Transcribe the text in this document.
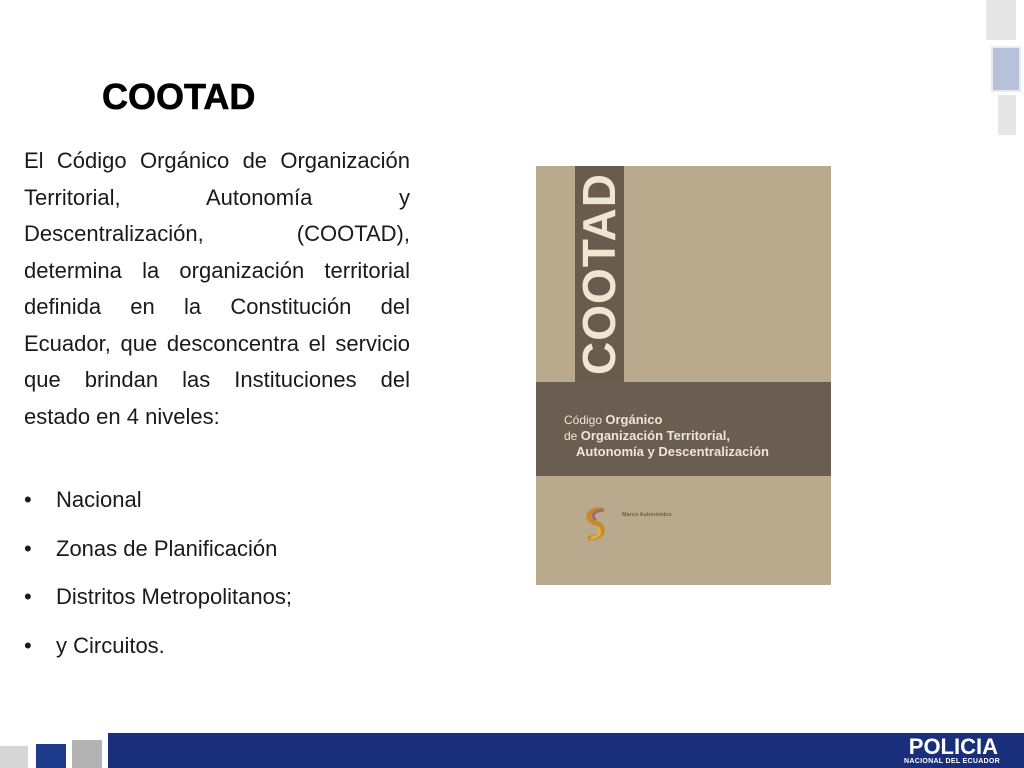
COOTAD

El Código Orgánico de Organización Territorial, Autonomía y Descentralización, (COOTAD), determina la organización territorial definida en la Constitución del Ecuador, que desconcentra el servicio que brindan las Instituciones del estado en 4 niveles:

• Nacional
• Zonas de Planificación
• Distritos Metropolitanos;
• y Circuitos.
COOTAD
Código Orgánico
de Organización Territorial,
Autonomía y Descentralización
Marco Autonómico
POLICIA
NACIONAL DEL ECUADOR
